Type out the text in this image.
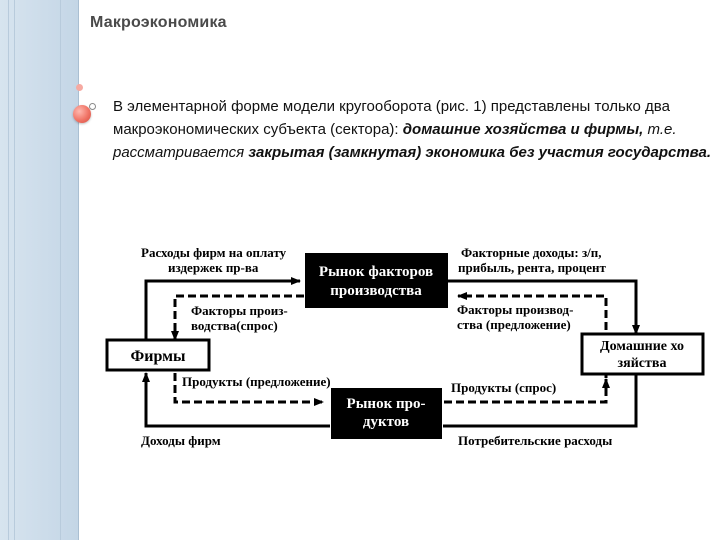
Макроэкономика
В элементарной форме модели кругооборота (рис. 1) представлены только два макроэкономических субъекта (сектора): домашние хозяйства и фирмы, т.е. рассматривается закрытая (замкнутая) экономика без участия государства.
Рынок факторов
производства
Рынок про-
дуктов
Фирмы
Домашние хо
зяйства
Расходы фирм на оплату
издержек пр-ва
Факторные доходы: з/п,
прибыль, рента, процент
Факторы произ-
водства(спрос)
Факторы производ-
ства (предложение)
Продукты (предложение)	Продукты (спрос)
Доходы фирм	Потребительские расходы
